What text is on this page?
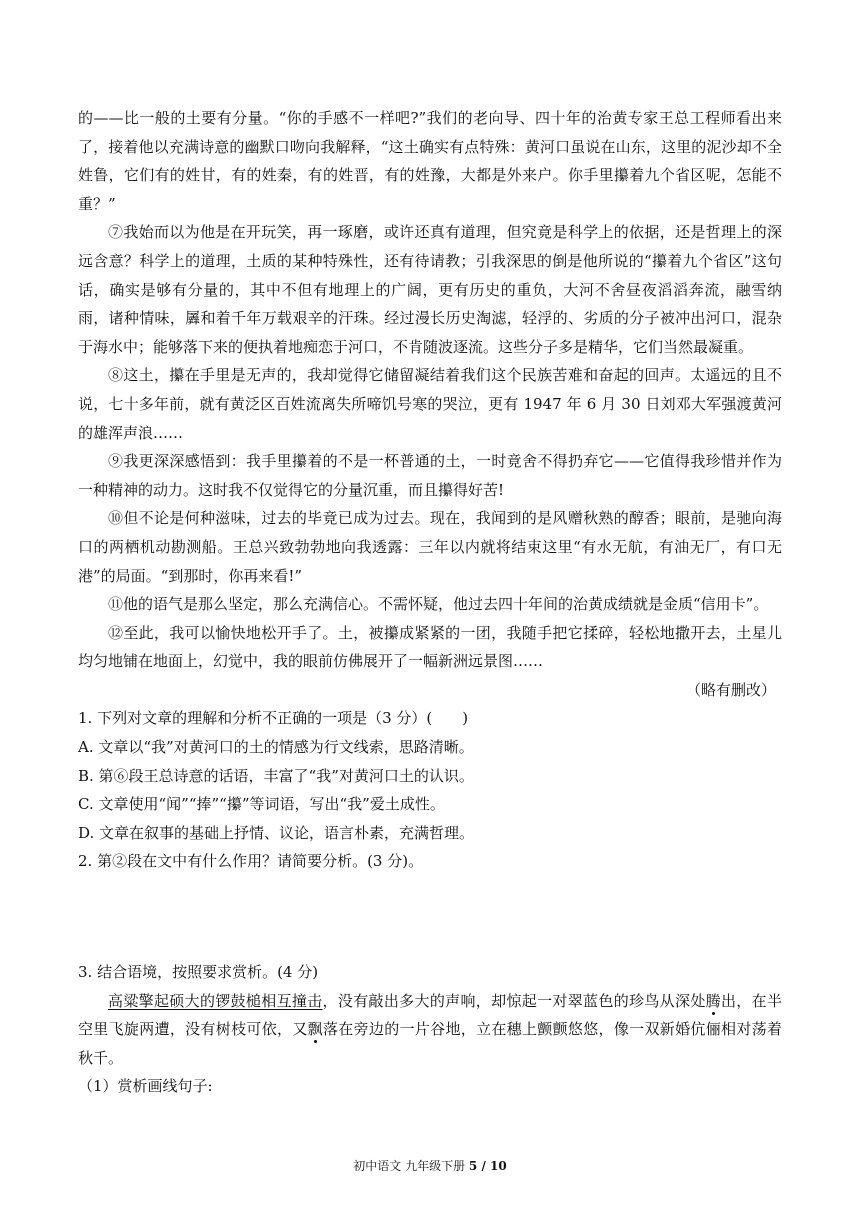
的——比一般的土要有分量。“你的手感不一样吧?”我们的老向导、四十年的治黄专家王总工程师看出来了，接着他以充满诗意的幽默口吻向我解释，“这土确实有点特殊：黄河口虽说在山东，这里的泥沙却不全姓鲁，它们有的姓甘，有的姓秦，有的姓晋，有的姓豫，大都是外来户。你手里攥着九个省区呢，怎能不重？”

⑦我始而以为他是在开玩笑，再一琢磨，或许还真有道理，但究竟是科学上的依据，还是哲理上的深远含意？科学上的道理，土质的某种特殊性，还有待请教；引我深思的倒是他所说的“攥着九个省区”这句话，确实是够有分量的，其中不但有地理上的广阔，更有历史的重负，大河不舍昼夜滔滔奔流，融雪纳雨，诸种情味，羼和着千年万载艰辛的汗珠。经过漫长历史淘滤，轻浮的、劣质的分子被冲出河口，混杂于海水中；能够落下来的便执着地痴恋于河口，不肯随波逐流。这些分子多是精华，它们当然最凝重。

⑧这土，攥在手里是无声的，我却觉得它储留凝结着我们这个民族苦难和奋起的回声。太遥远的且不说，七十多年前，就有黄泛区百姓流离失所啼饥号寒的哭泣，更有 1947 年 6 月 30 日刘邓大军强渡黄河的雄浑声浪……

⑨我更深深感悟到：我手里攥着的不是一杯普通的土，一时竟舍不得扔弃它——它值得我珍惜并作为一种精神的动力。这时我不仅觉得它的分量沉重，而且攥得好苦!

⑩但不论是何种滋味，过去的毕竟已成为过去。现在，我闻到的是风赠秋熟的醇香；眼前，是驰向海口的两栖机动勘测船。王总兴致勃勃地向我透露：三年以内就将结束这里“有水无航，有油无厂，有口无港”的局面。“到那时，你再来看!”

⑪他的语气是那么坚定，那么充满信心。不需怀疑，他过去四十年间的治黄成绩就是金质“信用卡”。

⑫至此，我可以愉快地松开手了。土，被攥成紧紧的一团，我随手把它揉碎，轻松地撒开去，土星儿均匀地铺在地面上，幻觉中，我的眼前仿佛展开了一幅新洲远景图……

（略有删改）

1. 下列对文章的理解和分析不正确的一项是（3 分）(　　)

A. 文章以“我”对黄河口的土的情感为行文线索，思路清晰。

B. 第⑥段王总诗意的话语，丰富了“我”对黄河口土的认识。

C. 文章使用“闻”“捧”“攥”等词语，写出“我”爱土成性。

D. 文章在叙事的基础上抒情、议论，语言朴素，充满哲理。

2. 第②段在文中有什么作用？请简要分析。(3 分)。

3. 结合语境，按照要求赏析。(4 分)

高粱擎起硕大的锣鼓槌相互撞击，没有敲出多大的声响，却惊起一对翠蓝色的珍鸟从深处腾出，在半空里飞旋两遭，没有树枝可依，又飘落在旁边的一片谷地，立在穗上颤颤悠悠，像一双新婚伉俪相对荡着秋千。

（1）赏析画线句子:

初中语文 九年级下册 5 / 10
